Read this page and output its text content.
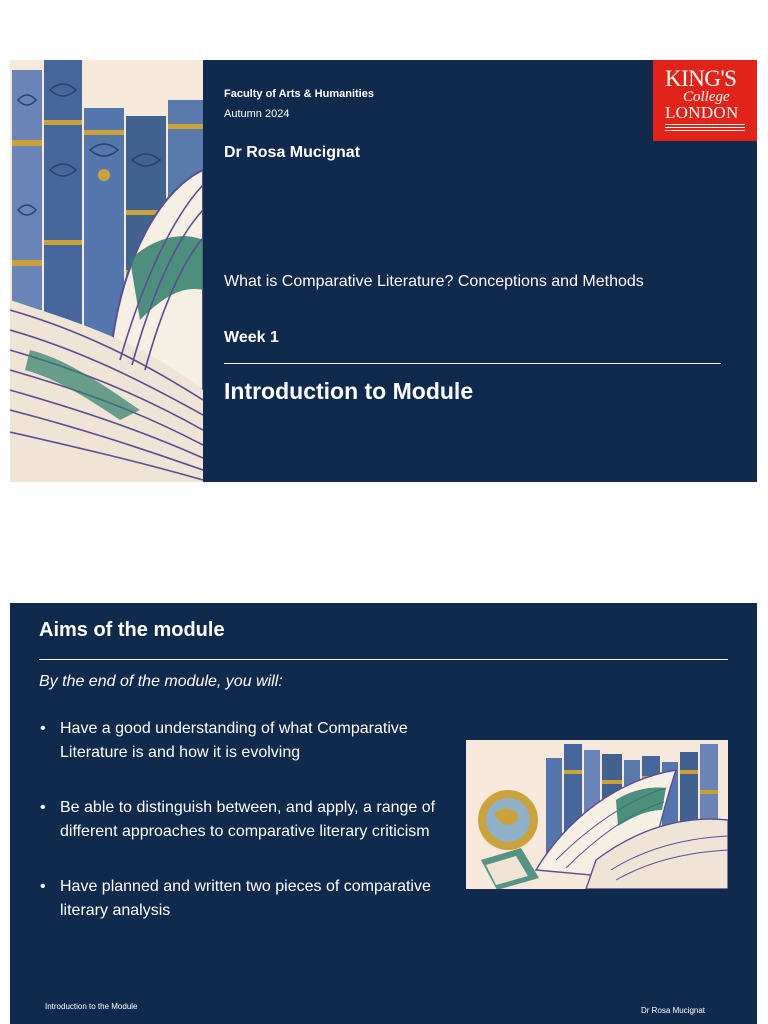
Faculty of Arts & Humanities
Autumn 2024
Dr Rosa Mucignat
What is Comparative Literature? Conceptions and Methods
Week 1
Introduction to Module
KING'S
College
LONDON
Aims of the module
By the end of the module, you will:
• Have a good understanding of what Comparative Literature is and how it is evolving
• Be able to distinguish between, and apply, a range of different approaches to comparative literary criticism
• Have planned and written two pieces of comparative literary analysis
Introduction to the Module	Dr Rosa Mucignat
